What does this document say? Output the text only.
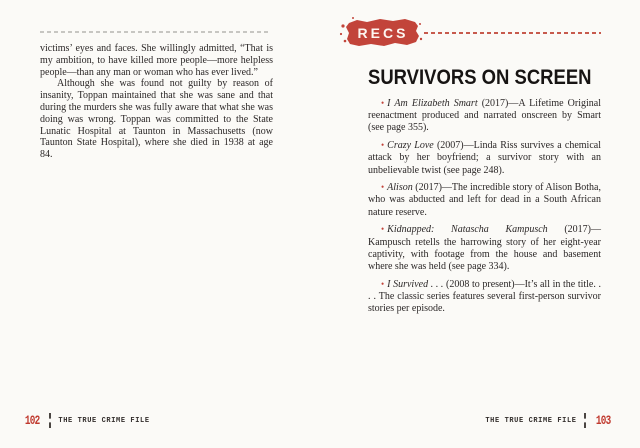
victims’ eyes and faces. She willingly admitted, “That is my ambition, to have killed more people—more helpless people—than any man or woman who has ever lived.”

Although she was found not guilty by reason of insanity, Toppan maintained that she was sane and that during the murders she was fully aware that what she was doing was wrong. Toppan was committed to the State Lunatic Hospital at Taunton in Massachusetts (now Taunton State Hospital), where she died in 1938 at age 84.

102	THE TRUE CRIME FILE
RECS
SURVIVORS ON SCREEN

• I Am Elizabeth Smart (2017)—A Lifetime Original reenactment produced and narrated onscreen by Smart (see page 355).

• Crazy Love (2007)—Linda Riss survives a chemical attack by her boyfriend; a survivor story with an unbelievable twist (see page 248).

• Alison (2017)—The incredible story of Alison Botha, who was abducted and left for dead in a South African nature reserve.

• Kidnapped: Natascha Kampusch (2017)—Kampusch retells the harrowing story of her eight-year captivity, with footage from the house and basement where she was held (see page 334).

• I Survived . . . (2008 to present)—It’s all in the title. . . . The classic series features several first-person survivor stories per episode.

THE TRUE CRIME FILE 103
